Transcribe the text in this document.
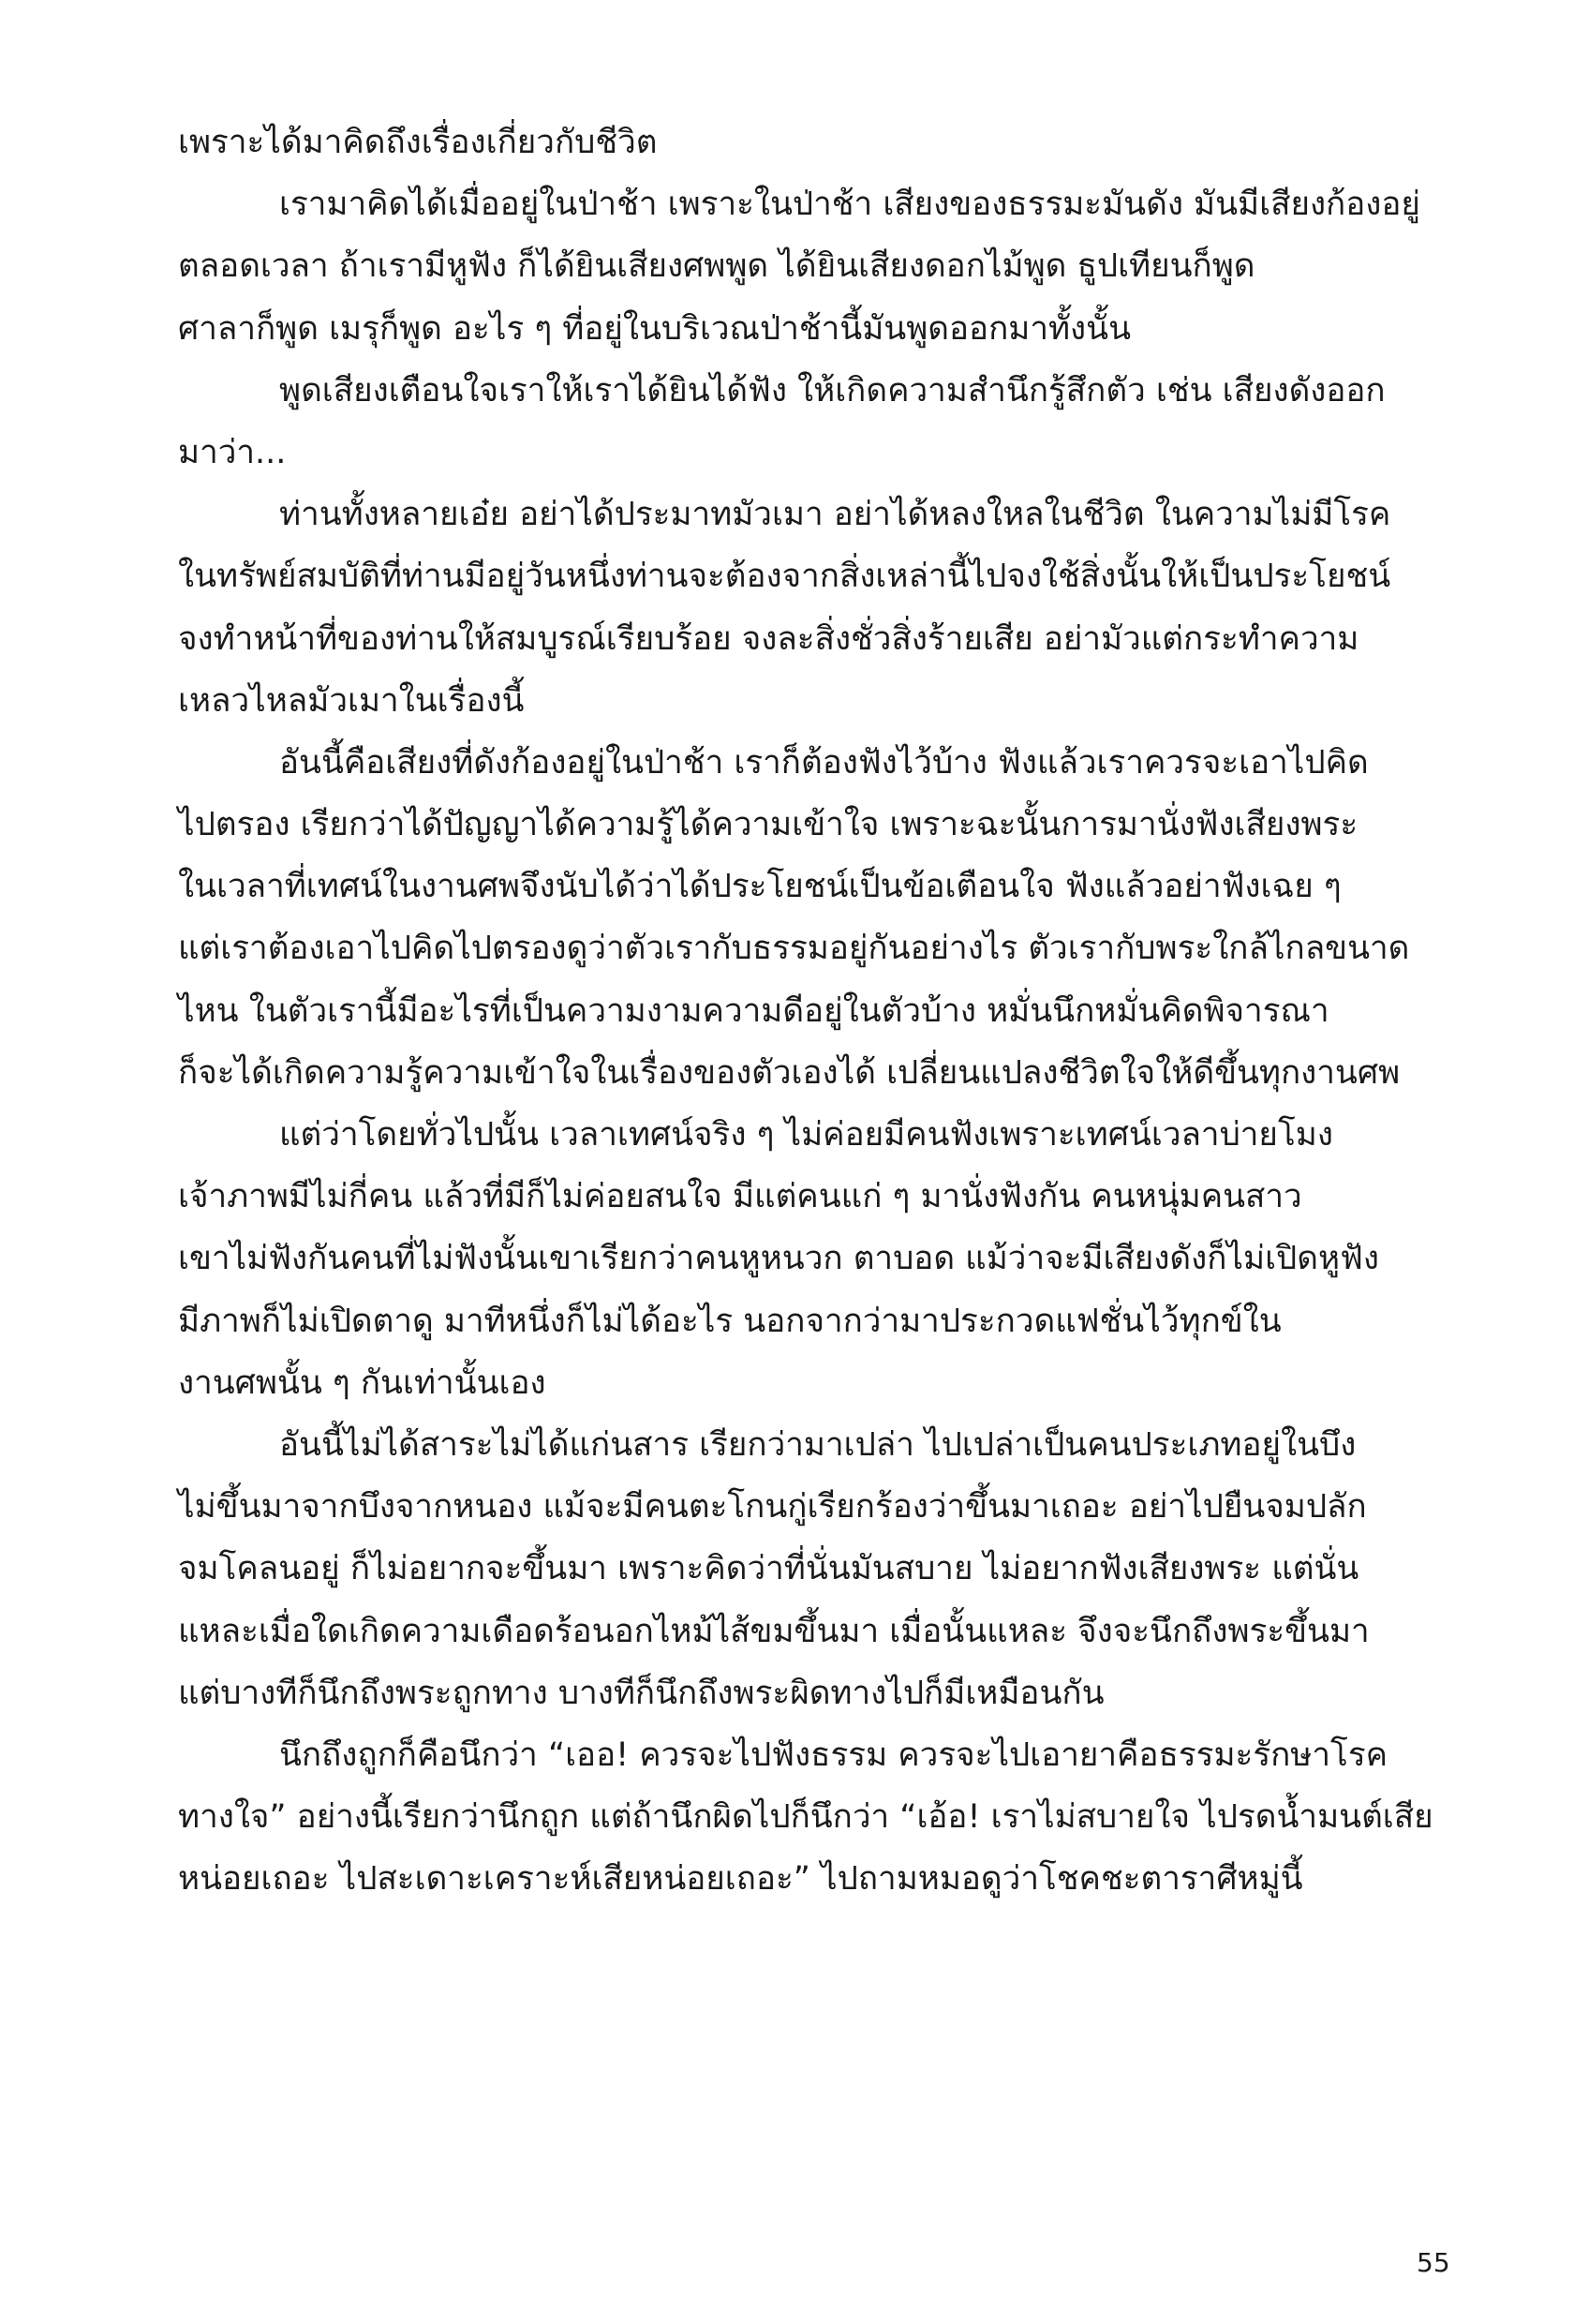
เพราะได้มาคิดถึงเรื่องเกี่ยวกับชีวิต
เรามาคิดได้เมื่ออยู่ในป่าช้า เพราะในป่าช้า เสียงของธรรมะมันดัง มันมีเสียงก้องอยู่
ตลอดเวลา ถ้าเรามีหูฟัง ก็ได้ยินเสียงศพพูด ได้ยินเสียงดอกไม้พูด ธูปเทียนก็พูด
ศาลาก็พูด เมรุก็พูด อะไร ๆ ที่อยู่ในบริเวณป่าช้านี้มันพูดออกมาทั้งนั้น
พูดเสียงเตือนใจเราให้เราได้ยินได้ฟัง ให้เกิดความสำนึกรู้สึกตัว เช่น เสียงดังออก
มาว่า...
ท่านทั้งหลายเอ๋ย อย่าได้ประมาทมัวเมา อย่าได้หลงใหลในชีวิต ในความไม่มีโรค
ในทรัพย์สมบัติที่ท่านมีอยู่วันหนึ่งท่านจะต้องจากสิ่งเหล่านี้ไปจงใช้สิ่งนั้นให้เป็นประโยชน์
จงทำหน้าที่ของท่านให้สมบูรณ์เรียบร้อย จงละสิ่งชั่วสิ่งร้ายเสีย อย่ามัวแต่กระทำความ
เหลวไหลมัวเมาในเรื่องนี้
อันนี้คือเสียงที่ดังก้องอยู่ในป่าช้า เราก็ต้องฟังไว้บ้าง ฟังแล้วเราควรจะเอาไปคิด
ไปตรอง เรียกว่าได้ปัญญาได้ความรู้ได้ความเข้าใจ เพราะฉะนั้นการมานั่งฟังเสียงพระ
ในเวลาที่เทศน์ในงานศพจึงนับได้ว่าได้ประโยชน์เป็นข้อเตือนใจ ฟังแล้วอย่าฟังเฉย ๆ
แต่เราต้องเอาไปคิดไปตรองดูว่าตัวเรากับธรรมอยู่กันอย่างไร ตัวเรากับพระใกล้ไกลขนาด
ไหน ในตัวเรานี้มีอะไรที่เป็นความงามความดีอยู่ในตัวบ้าง หมั่นนึกหมั่นคิดพิจารณา
ก็จะได้เกิดความรู้ความเข้าใจในเรื่องของตัวเองได้ เปลี่ยนแปลงชีวิตใจให้ดีขึ้นทุกงานศพ
แต่ว่าโดยทั่วไปนั้น เวลาเทศน์จริง ๆ ไม่ค่อยมีคนฟังเพราะเทศน์เวลาบ่ายโมง
เจ้าภาพมีไม่กี่คน แล้วที่มีก็ไม่ค่อยสนใจ มีแต่คนแก่ ๆ มานั่งฟังกัน คนหนุ่มคนสาว
เขาไม่ฟังกันคนที่ไม่ฟังนั้นเขาเรียกว่าคนหูหนวก ตาบอด แม้ว่าจะมีเสียงดังก็ไม่เปิดหูฟัง
มีภาพก็ไม่เปิดตาดู มาทีหนึ่งก็ไม่ได้อะไร นอกจากว่ามาประกวดแฟชั่นไว้ทุกข์ใน
งานศพนั้น ๆ กันเท่านั้นเอง
อันนี้ไม่ได้สาระไม่ได้แก่นสาร เรียกว่ามาเปล่า ไปเปล่าเป็นคนประเภทอยู่ในบึง
ไม่ขึ้นมาจากบึงจากหนอง แม้จะมีคนตะโกนกู่เรียกร้องว่าขึ้นมาเถอะ อย่าไปยืนจมปลัก
จมโคลนอยู่ ก็ไม่อยากจะขึ้นมา เพราะคิดว่าที่นั่นมันสบาย ไม่อยากฟังเสียงพระ แต่นั่น
แหละเมื่อใดเกิดความเดือดร้อนอกไหม้ไส้ขมขึ้นมา เมื่อนั้นแหละ จึงจะนึกถึงพระขึ้นมา
แต่บางทีก็นึกถึงพระถูกทาง บางทีก็นึกถึงพระผิดทางไปก็มีเหมือนกัน
นึกถึงถูกก็คือนึกว่า “เออ! ควรจะไปฟังธรรม ควรจะไปเอายาคือธรรมะรักษาโรค
ทางใจ” อย่างนี้เรียกว่านึกถูก แต่ถ้านึกผิดไปก็นึกว่า “เอ้อ! เราไม่สบายใจ ไปรดน้ำมนต์เสีย
หน่อยเถอะ ไปสะเดาะเคราะห์เสียหน่อยเถอะ” ไปถามหมอดูว่าโชคชะตาราศีหมู่นี้
55
